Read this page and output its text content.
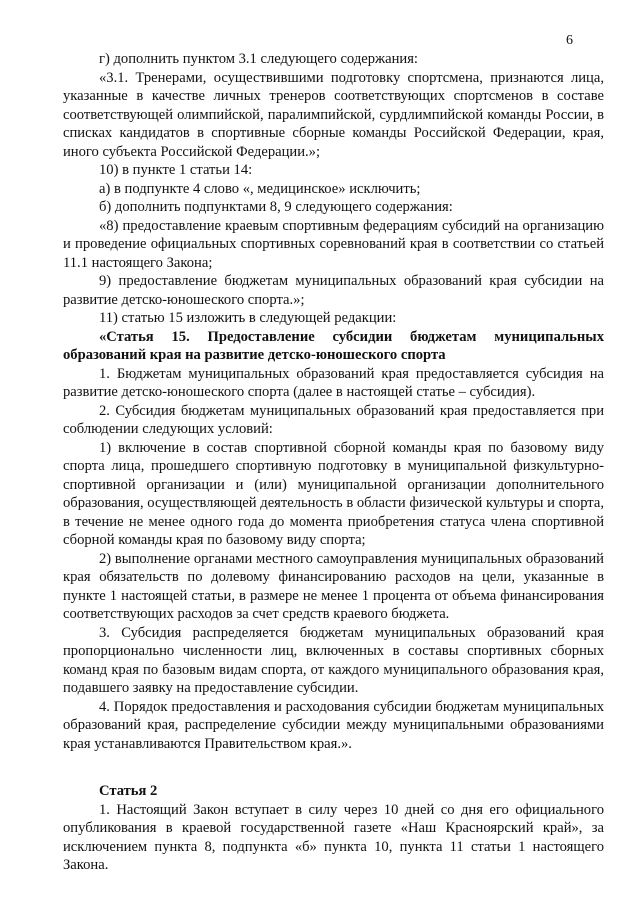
6

г) дополнить пунктом 3.1 следующего содержания:

«3.1. Тренерами, осуществившими подготовку спортсмена, признаются лица, указанные в качестве личных тренеров соответствующих спортсменов в составе соответствующей олимпийской, паралимпийской, сурдлимпийской команды России, в списках кандидатов в спортивные сборные команды Российской Федерации, края, иного субъекта Российской Федерации.»;

10) в пункте 1 статьи 14:

а) в подпункте 4 слово «, медицинское» исключить;

б) дополнить подпунктами 8, 9 следующего содержания:

«8) предоставление краевым спортивным федерациям субсидий на организацию и проведение официальных спортивных соревнований края в соответствии со статьей 11.1 настоящего Закона;

9) предоставление бюджетам муниципальных образований края субсидии на развитие детско-юношеского спорта.»;

11) статью 15 изложить в следующей редакции:

«Статья 15. Предоставление субсидии бюджетам муниципальных образований края на развитие детско-юношеского спорта

1. Бюджетам муниципальных образований края предоставляется субсидия на развитие детско-юношеского спорта (далее в настоящей статье – субсидия).

2. Субсидия бюджетам муниципальных образований края предоставляется при соблюдении следующих условий:

1) включение в состав спортивной сборной команды края по базовому виду спорта лица, прошедшего спортивную подготовку в муниципальной физкультурно-спортивной организации и (или) муниципальной организации дополнительного образования, осуществляющей деятельность в области физической культуры и спорта, в течение не менее одного года до момента приобретения статуса члена спортивной сборной команды края по базовому виду спорта;

2) выполнение органами местного самоуправления муниципальных образований края обязательств по долевому финансированию расходов на цели, указанные в пункте 1 настоящей статьи, в размере не менее 1 процента от объема финансирования соответствующих расходов за счет средств краевого бюджета.

3. Субсидия распределяется бюджетам муниципальных образований края пропорционально численности лиц, включенных в составы спортивных сборных команд края по базовым видам спорта, от каждого муниципального образования края, подавшего заявку на предоставление субсидии.

4. Порядок предоставления и расходования субсидии бюджетам муниципальных образований края, распределение субсидии между муниципальными образованиями края устанавливаются Правительством края.».

Статья 2

1. Настоящий Закон вступает в силу через 10 дней со дня его официального опубликования в краевой государственной газете «Наш Красноярский край», за исключением пункта 8, подпункта «б» пункта 10, пункта 11 статьи 1 настоящего Закона.
